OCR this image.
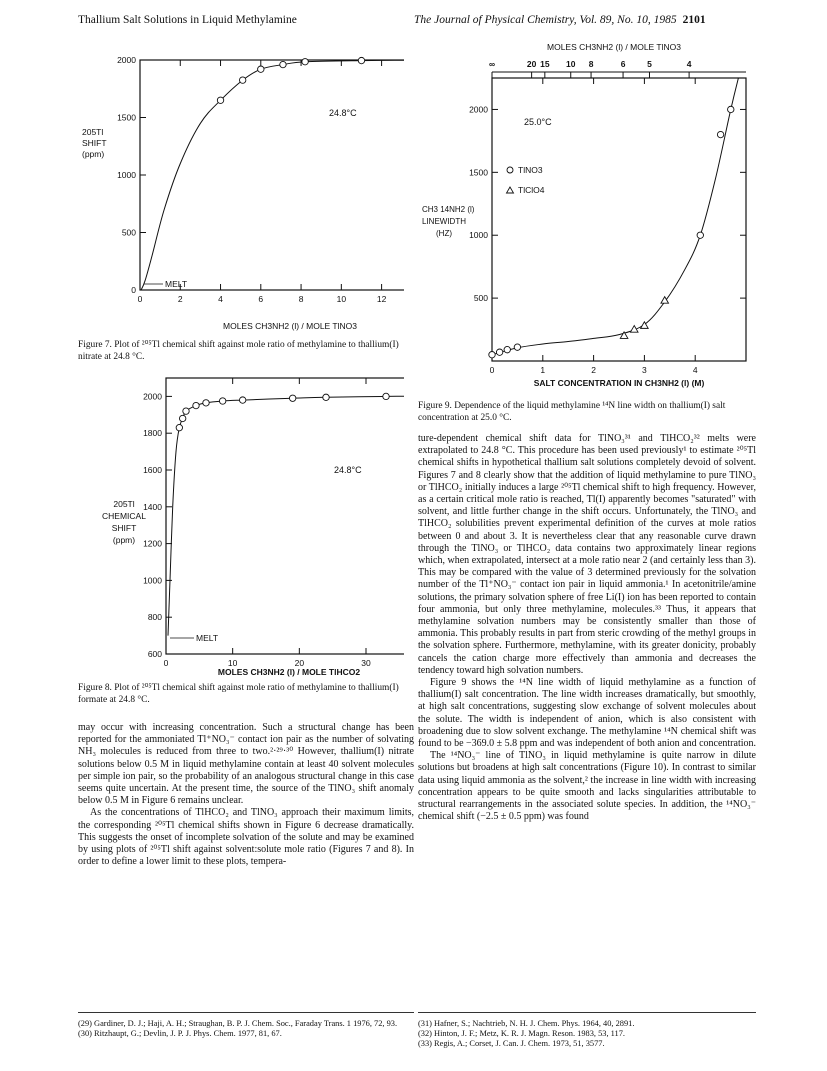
Thallium Salt Solutions in Liquid Methylamine	The Journal of Physical Chemistry, Vol. 89, No. 10, 1985 2101
0
500
1000
1500
2000
0	2	4	6	8	10	12
24.8°C
205Tl
SHIFT
(ppm)
MELT
MOLES CH3NH2 (l) / MOLE TlNO3
Figure 7. Plot of ²⁰⁵Tl chemical shift against mole ratio of methylamine to thallium(I) nitrate at 24.8 °C.
600
800
1000
1200
1400
1600
1800
2000
0	10	20	30
24.8°C
205Tl
CHEMICAL
SHIFT
(ppm)
MELT
MOLES CH3NH2 (l) / MOLE TlHCO2
Figure 8. Plot of ²⁰⁵Tl chemical shift against mole ratio of methylamine to thallium(I) formate at 24.8 °C.
MOLES CH3NH2 (l) / MOLE TlNO3
∞	20 15 10 8	6	5	4
500
1000
1500
2000
0	1	2	3	4
25.0°C
TlNO3
TlClO4
CH3 14NH2 (l)
LINEWIDTH
(HZ)
SALT CONCENTRATION IN CH3NH2 (l) (M)
Figure 9. Dependence of the liquid methylamine ¹⁴N line width on thallium(I) salt concentration at 25.0 °C.

may occur with increasing concentration. Such a structural change has been reported for the ammoniated Tl⁺NO₃⁻ contact ion pair as the number of solvating NH₃ molecules is reduced from three to two.²·²⁹·³⁰ However, thallium(I) nitrate solutions below 0.5 M in liquid methylamine contain at least 40 solvent molecules per simple ion pair, so the probability of an analogous structural change in this case seems quite uncertain. At the present time, the source of the TlNO₃ shift anomaly below 0.5 M in Figure 6 remains unclear.

As the concentrations of TlHCO₂ and TlNO₃ approach their maximum limits, the corresponding ²⁰⁵Tl chemical shifts shown in Figure 6 decrease dramatically. This suggests the onset of incomplete solvation of the solute and may be examined by using plots of ²⁰⁵Tl shift against solvent:solute mole ratio (Figures 7 and 8). In order to define a lower limit to these plots, tempera-

ture-dependent chemical shift data for TlNO₃³¹ and TlHCO₂³² melts were extrapolated to 24.8 °C. This procedure has been used previously¹ to estimate ²⁰⁵Tl chemical shifts in hypothetical thallium salt solutions completely devoid of solvent. Figures 7 and 8 clearly show that the addition of liquid methylamine to pure TlNO₃ or TlHCO₂ initially induces a large ²⁰⁵Tl chemical shift to high frequency. However, as a certain critical mole ratio is reached, Tl(I) apparently becomes "saturated" with solvent, and little further change in the shift occurs. Unfortunately, the TlNO₃ and TlHCO₂ solubilities prevent experimental definition of the curves at mole ratios between 0 and about 3. It is nevertheless clear that any reasonable curve drawn through the TlNO₃ or TlHCO₂ data contains two approximately linear regions which, when extrapolated, intersect at a mole ratio near 2 (and certainly less than 3). This may be compared with the value of 3 determined previously for the solvation number of the Tl⁺NO₃⁻ contact ion pair in liquid ammonia.¹ In acetonitrile/amine solutions, the primary solvation sphere of free Li(I) ion has been reported to contain four ammonia, but only three methylamine, molecules.³³ Thus, it appears that methylamine solvation numbers may be consistently smaller than those of ammonia. This probably results in part from steric crowding of the methyl groups in the solvation sphere. Furthermore, methylamine, with its greater donicity, probably cancels the cation charge more effectively than ammonia and decreases the tendency toward high solvation numbers.

Figure 9 shows the ¹⁴N line width of liquid methylamine as a function of thallium(I) salt concentration. The line width increases dramatically, but smoothly, at high salt concentrations, suggesting slow exchange of solvent molecules about the solute. The width is independent of anion, which is also consistent with broadening due to slow solvent exchange. The methylamine ¹⁴N chemical shift was found to be −369.0 ± 5.8 ppm and was independent of both anion and concentration.

The ¹⁴NO₃⁻ line of TlNO₃ in liquid methylamine is quite narrow in dilute solutions but broadens at high salt concentrations (Figure 10). In contrast to similar data using liquid ammonia as the solvent,² the increase in line width with increasing concentration appears to be quite smooth and lacks singularities attributable to structural rearrangements in the associated solute species. In addition, the ¹⁴NO₃⁻ chemical shift (−2.5 ± 0.5 ppm) was found

(29) Gardiner, D. J.; Haji, A. H.; Straughan, B. P. J. Chem. Soc., Faraday Trans. 1 1976, 72, 93.
(30) Ritzhaupt, G.; Devlin, J. P. J. Phys. Chem. 1977, 81, 67.
(31) Hafner, S.; Nachtrieb, N. H. J. Chem. Phys. 1964, 40, 2891.
(32) Hinton, J. F.; Metz, K. R. J. Magn. Reson. 1983, 53, 117.
(33) Regis, A.; Corset, J. Can. J. Chem. 1973, 51, 3577.
